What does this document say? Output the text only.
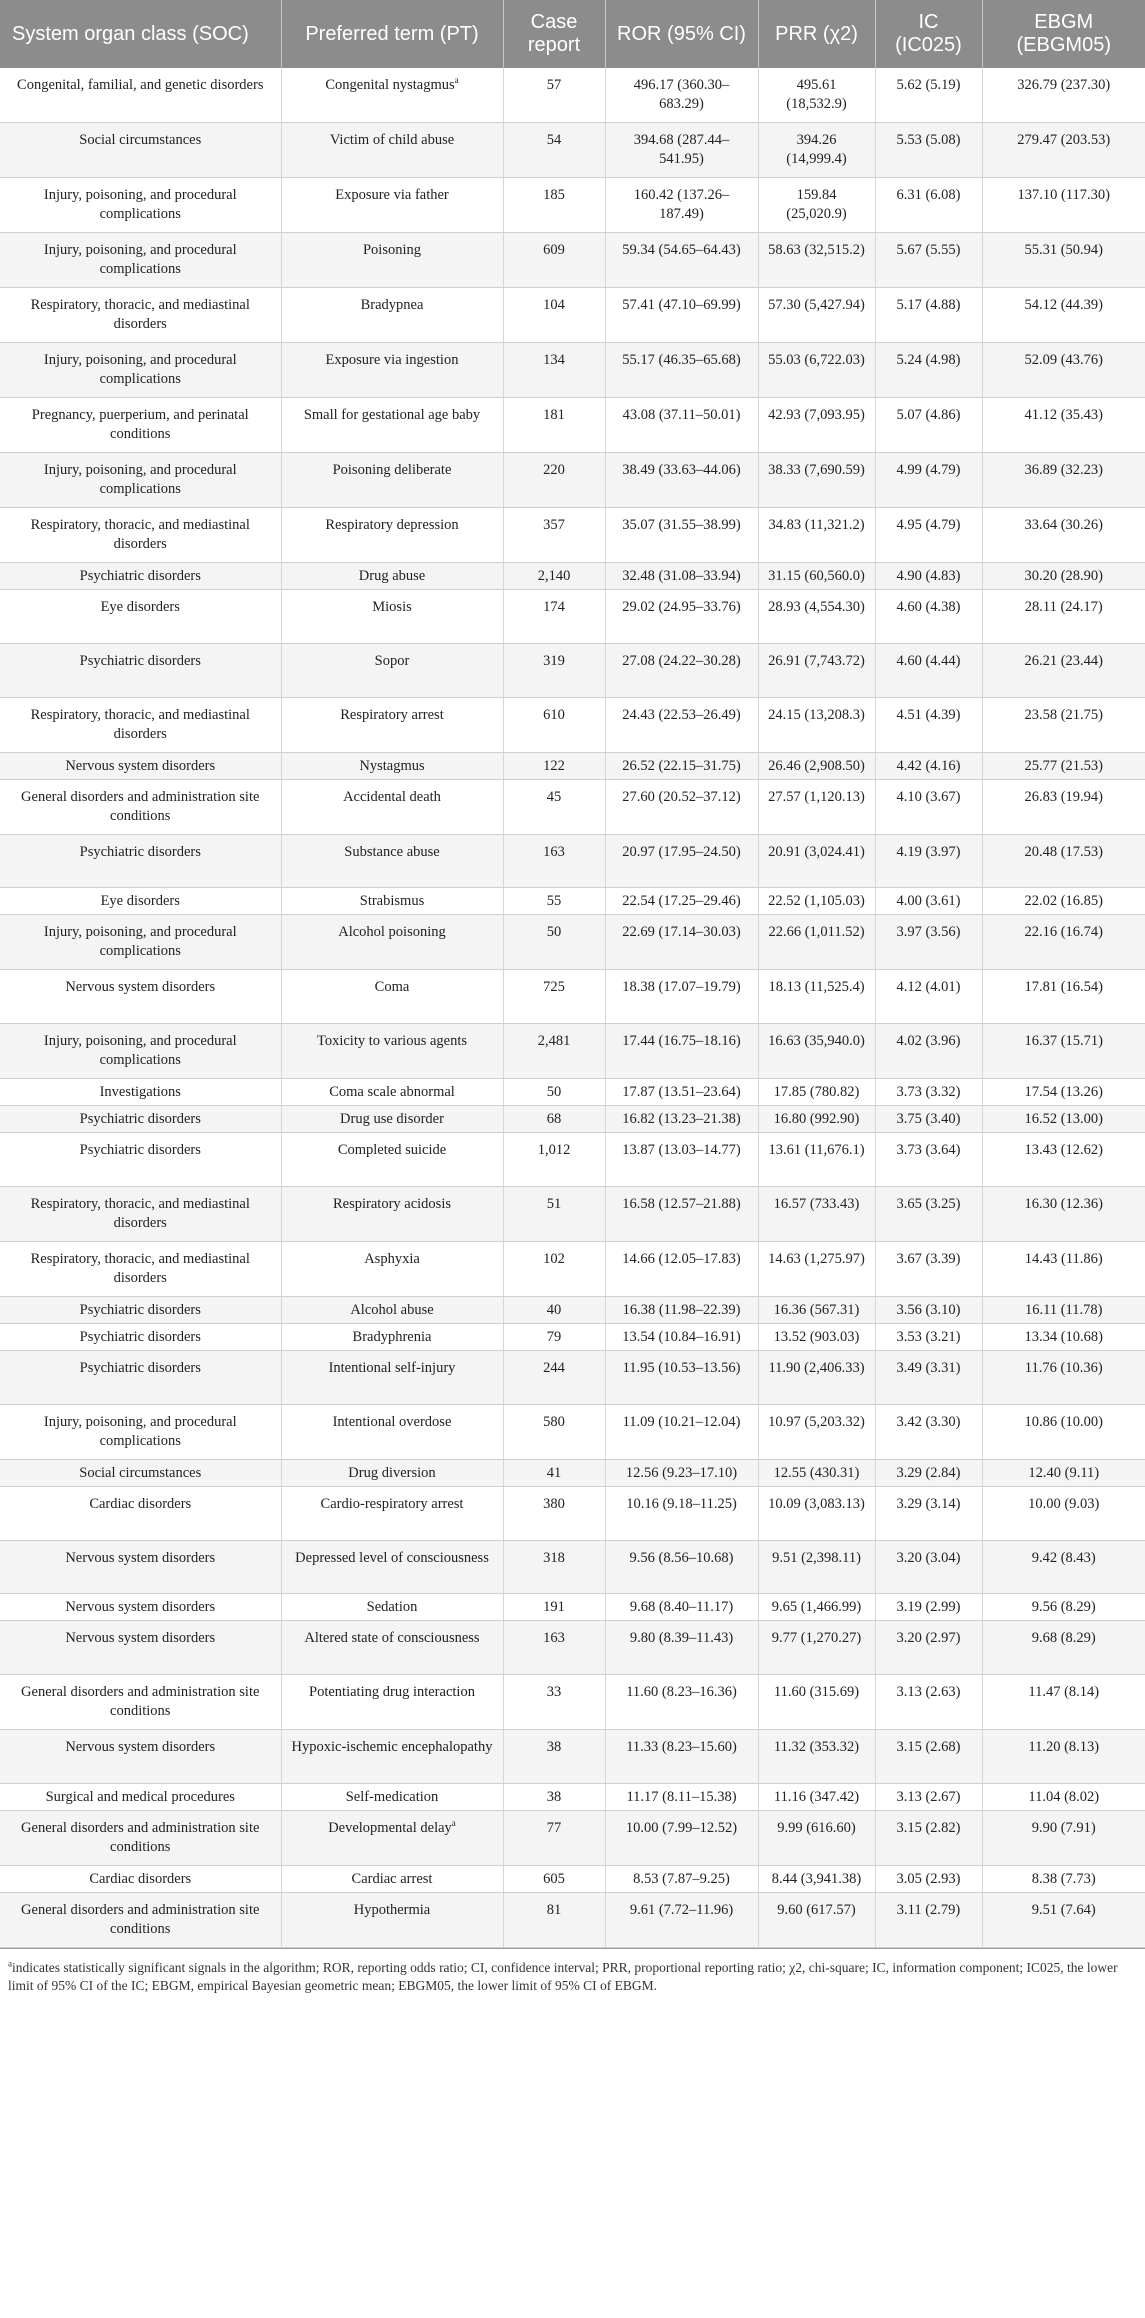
System organ class (SOC)	Preferred term (PT)	Case report	ROR (95% CI)	PRR (χ2)	IC (IC025)	EBGM (EBGM05)
Congenital, familial, and genetic disorders	Congenital nystagmus$^a$	57	496.17 (360.30–683.29)	495.61 (18,532.9)	5.62 (5.19)	326.79 (237.30)
Social circumstances	Victim of child abuse	54	394.68 (287.44–541.95)	394.26 (14,999.4)	5.53 (5.08)	279.47 (203.53)
Injury, poisoning, and procedural complications	Exposure via father	185	160.42 (137.26–187.49)	159.84 (25,020.9)	6.31 (6.08)	137.10 (117.30)
Injury, poisoning, and procedural complications	Poisoning	609	59.34 (54.65–64.43)	58.63 (32,515.2)	5.67 (5.55)	55.31 (50.94)
Respiratory, thoracic, and mediastinal disorders	Bradypnea	104	57.41 (47.10–69.99)	57.30 (5,427.94)	5.17 (4.88)	54.12 (44.39)
Injury, poisoning, and procedural complications	Exposure via ingestion	134	55.17 (46.35–65.68)	55.03 (6,722.03)	5.24 (4.98)	52.09 (43.76)
Pregnancy, puerperium, and perinatal conditions	Small for gestational age baby	181	43.08 (37.11–50.01)	42.93 (7,093.95)	5.07 (4.86)	41.12 (35.43)
Injury, poisoning, and procedural complications	Poisoning deliberate	220	38.49 (33.63–44.06)	38.33 (7,690.59)	4.99 (4.79)	36.89 (32.23)
Respiratory, thoracic, and mediastinal disorders	Respiratory depression	357	35.07 (31.55–38.99)	34.83 (11,321.2)	4.95 (4.79)	33.64 (30.26)
Psychiatric disorders	Drug abuse	2,140	32.48 (31.08–33.94)	31.15 (60,560.0)	4.90 (4.83)	30.20 (28.90)
Eye disorders	Miosis	174	29.02 (24.95–33.76)	28.93 (4,554.30)	4.60 (4.38)	28.11 (24.17)
Psychiatric disorders	Sopor	319	27.08 (24.22–30.28)	26.91 (7,743.72)	4.60 (4.44)	26.21 (23.44)
Respiratory, thoracic, and mediastinal disorders	Respiratory arrest	610	24.43 (22.53–26.49)	24.15 (13,208.3)	4.51 (4.39)	23.58 (21.75)
Nervous system disorders	Nystagmus	122	26.52 (22.15–31.75)	26.46 (2,908.50)	4.42 (4.16)	25.77 (21.53)
General disorders and administration site conditions	Accidental death	45	27.60 (20.52–37.12)	27.57 (1,120.13)	4.10 (3.67)	26.83 (19.94)
Psychiatric disorders	Substance abuse	163	20.97 (17.95–24.50)	20.91 (3,024.41)	4.19 (3.97)	20.48 (17.53)
Eye disorders	Strabismus	55	22.54 (17.25–29.46)	22.52 (1,105.03)	4.00 (3.61)	22.02 (16.85)
Injury, poisoning, and procedural complications	Alcohol poisoning	50	22.69 (17.14–30.03)	22.66 (1,011.52)	3.97 (3.56)	22.16 (16.74)
Nervous system disorders	Coma	725	18.38 (17.07–19.79)	18.13 (11,525.4)	4.12 (4.01)	17.81 (16.54)
Injury, poisoning, and procedural complications	Toxicity to various agents	2,481	17.44 (16.75–18.16)	16.63 (35,940.0)	4.02 (3.96)	16.37 (15.71)
Investigations	Coma scale abnormal	50	17.87 (13.51–23.64)	17.85 (780.82)	3.73 (3.32)	17.54 (13.26)
Psychiatric disorders	Drug use disorder	68	16.82 (13.23–21.38)	16.80 (992.90)	3.75 (3.40)	16.52 (13.00)
Psychiatric disorders	Completed suicide	1,012	13.87 (13.03–14.77)	13.61 (11,676.1)	3.73 (3.64)	13.43 (12.62)
Respiratory, thoracic, and mediastinal disorders	Respiratory acidosis	51	16.58 (12.57–21.88)	16.57 (733.43)	3.65 (3.25)	16.30 (12.36)
Respiratory, thoracic, and mediastinal disorders	Asphyxia	102	14.66 (12.05–17.83)	14.63 (1,275.97)	3.67 (3.39)	14.43 (11.86)
Psychiatric disorders	Alcohol abuse	40	16.38 (11.98–22.39)	16.36 (567.31)	3.56 (3.10)	16.11 (11.78)
Psychiatric disorders	Bradyphrenia	79	13.54 (10.84–16.91)	13.52 (903.03)	3.53 (3.21)	13.34 (10.68)
Psychiatric disorders	Intentional self-injury	244	11.95 (10.53–13.56)	11.90 (2,406.33)	3.49 (3.31)	11.76 (10.36)
Injury, poisoning, and procedural complications	Intentional overdose	580	11.09 (10.21–12.04)	10.97 (5,203.32)	3.42 (3.30)	10.86 (10.00)
Social circumstances	Drug diversion	41	12.56 (9.23–17.10)	12.55 (430.31)	3.29 (2.84)	12.40 (9.11)
Cardiac disorders	Cardio-respiratory arrest	380	10.16 (9.18–11.25)	10.09 (3,083.13)	3.29 (3.14)	10.00 (9.03)
Nervous system disorders	Depressed level of consciousness	318	9.56 (8.56–10.68)	9.51 (2,398.11)	3.20 (3.04)	9.42 (8.43)
Nervous system disorders	Sedation	191	9.68 (8.40–11.17)	9.65 (1,466.99)	3.19 (2.99)	9.56 (8.29)
Nervous system disorders	Altered state of consciousness	163	9.80 (8.39–11.43)	9.77 (1,270.27)	3.20 (2.97)	9.68 (8.29)
General disorders and administration site conditions	Potentiating drug interaction	33	11.60 (8.23–16.36)	11.60 (315.69)	3.13 (2.63)	11.47 (8.14)
Nervous system disorders	Hypoxic-ischemic encephalopathy	38	11.33 (8.23–15.60)	11.32 (353.32)	3.15 (2.68)	11.20 (8.13)
Surgical and medical procedures	Self-medication	38	11.17 (8.11–15.38)	11.16 (347.42)	3.13 (2.67)	11.04 (8.02)
General disorders and administration site conditions	Developmental delay$^a$	77	10.00 (7.99–12.52)	9.99 (616.60)	3.15 (2.82)	9.90 (7.91)
Cardiac disorders	Cardiac arrest	605	8.53 (7.87–9.25)	8.44 (3,941.38)	3.05 (2.93)	8.38 (7.73)
General disorders and administration site conditions	Hypothermia	81	9.61 (7.72–11.96)	9.60 (617.57)	3.11 (2.79)	9.51 (7.64)
$^a$indicates statistically significant signals in the algorithm; ROR, reporting odds ratio; CI, confidence interval; PRR, proportional reporting ratio; χ2, chi-square; IC, information component; IC025, the lower limit of 95% CI of the IC; EBGM, empirical Bayesian geometric mean; EBGM05, the lower limit of 95% CI of EBGM.
